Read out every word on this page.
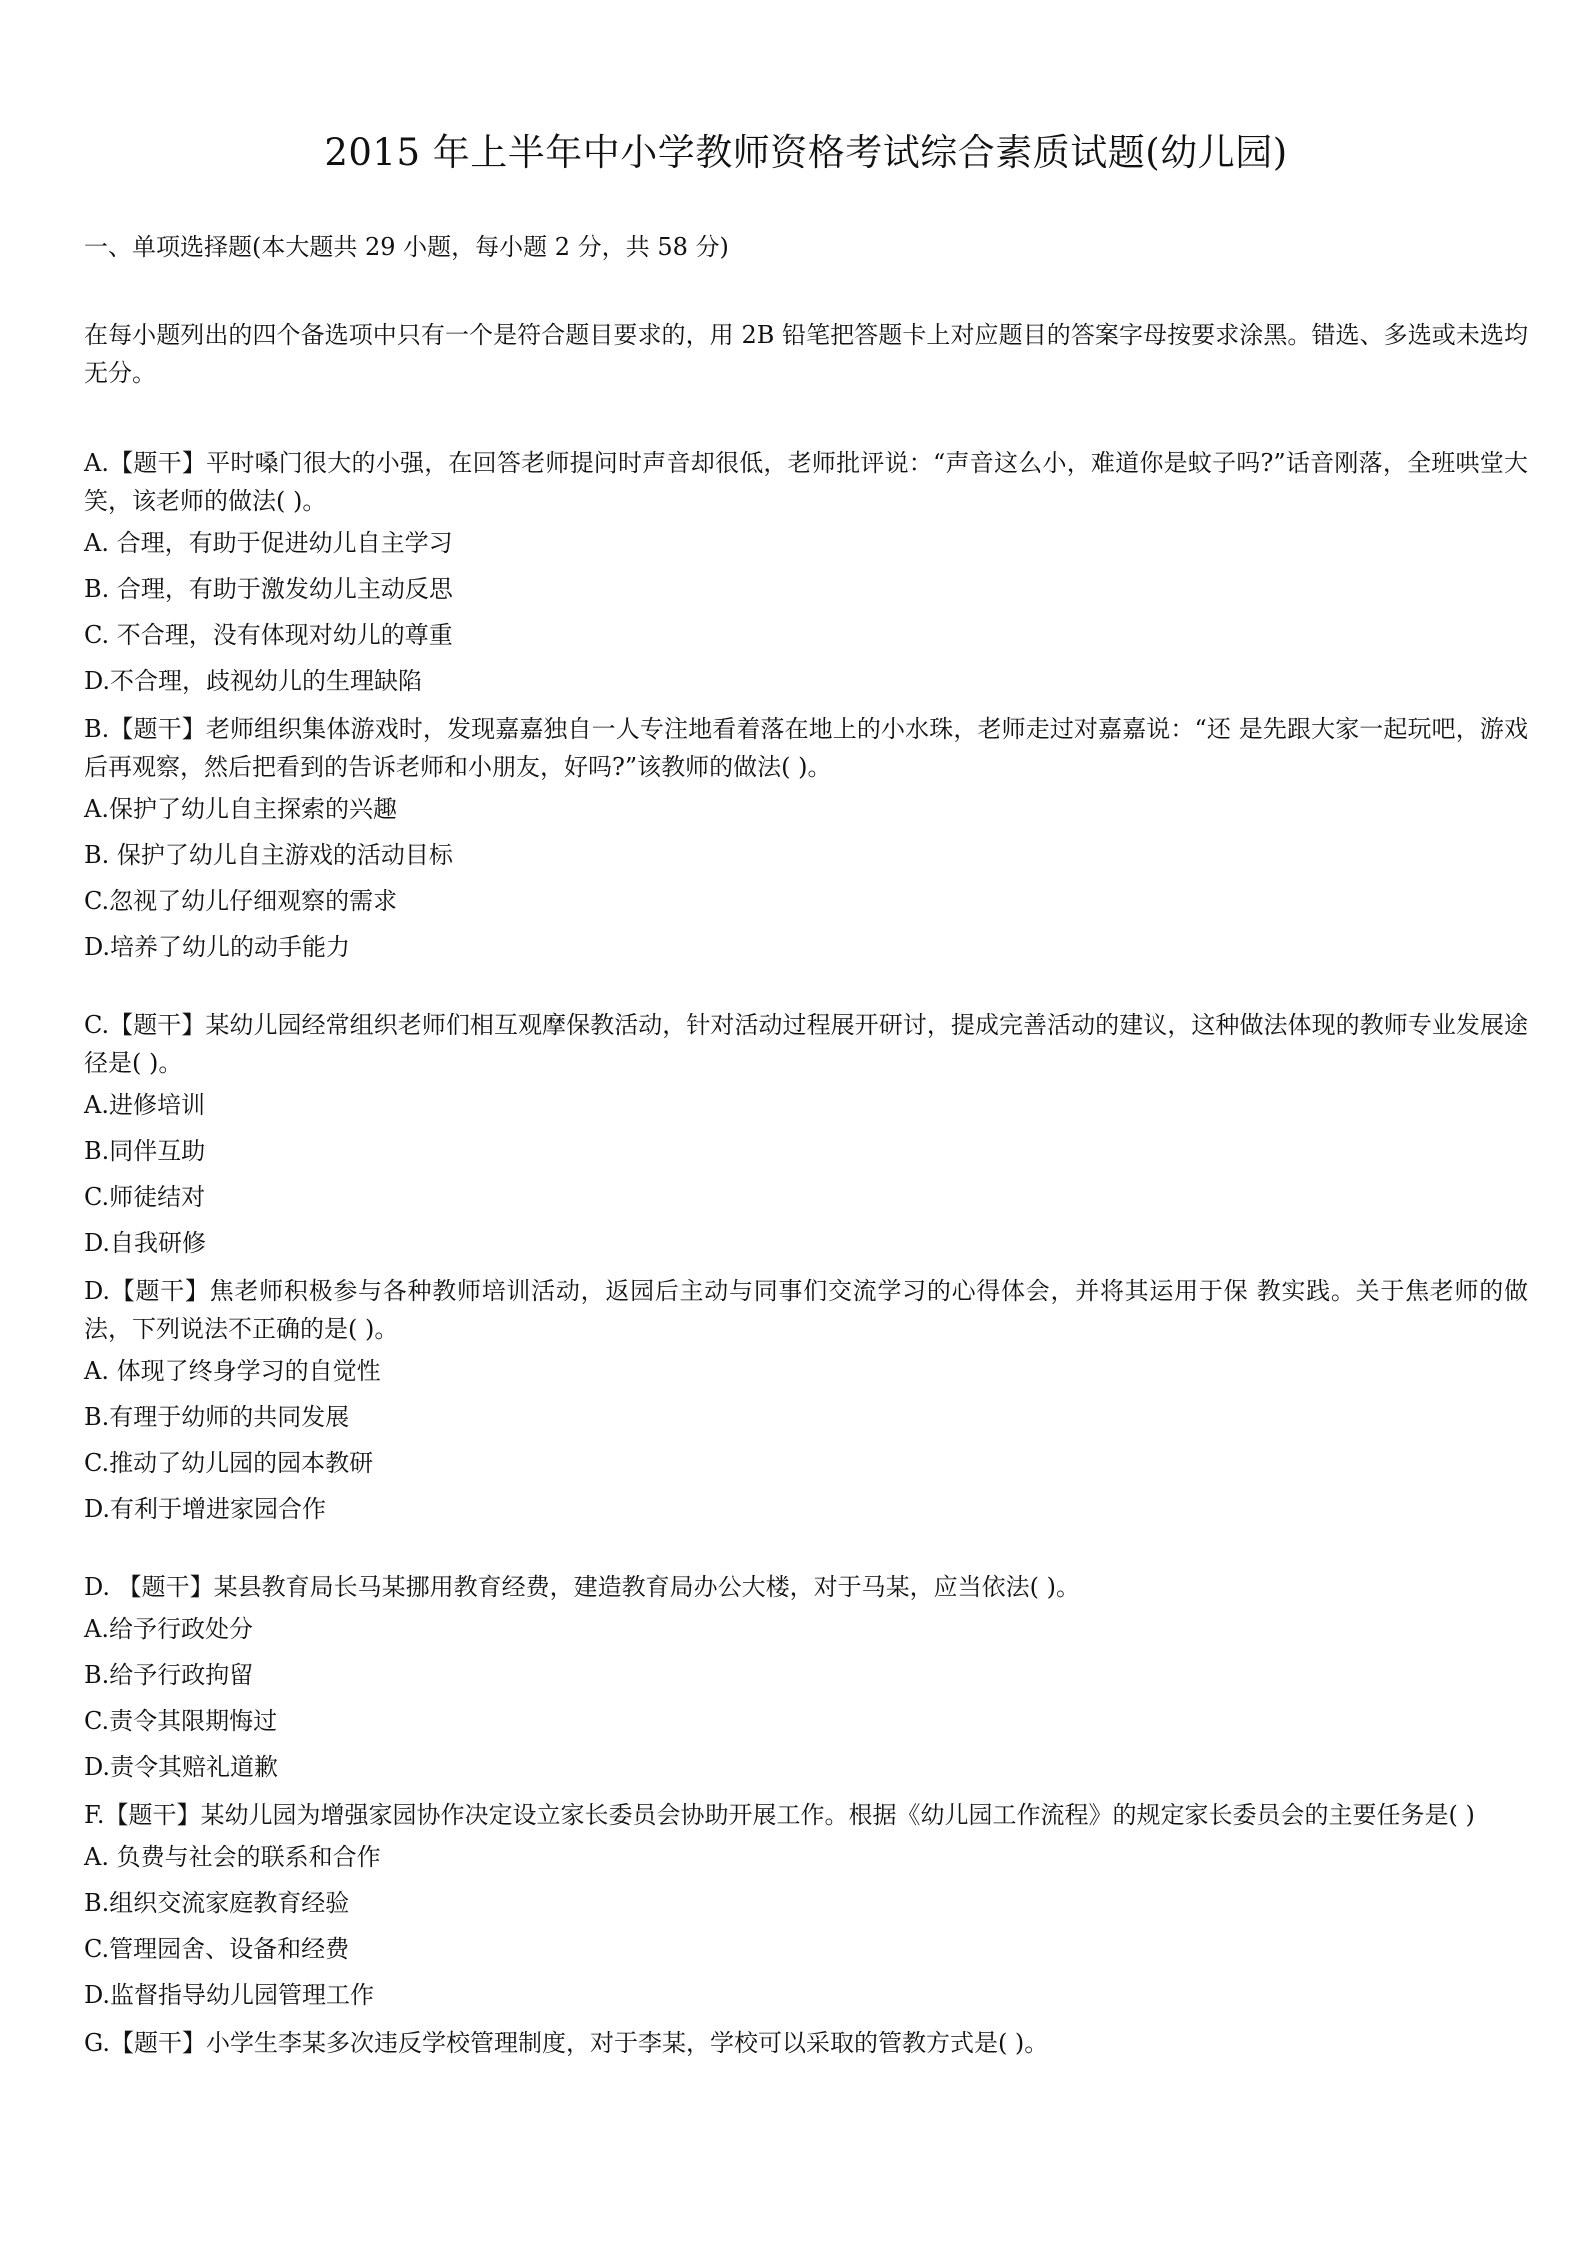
2015 年上半年中小学教师资格考试综合素质试题(幼儿园)
一、单项选择题(本大题共 29 小题，每小题 2 分，共 58 分)
在每小题列出的四个备选项中只有一个是符合题目要求的，用 2B 铅笔把答题卡上对应题目的答案字母按要求涂黑。错选、多选或未选均无分。
A.【题干】平时嗓门很大的小强，在回答老师提问时声音却很低，老师批评说：“声音这么小，难道你是蚊子吗?”话音刚落，全班哄堂大笑，该老师的做法( )。
A. 合理，有助于促进幼儿自主学习
B. 合理，有助于激发幼儿主动反思
C. 不合理，没有体现对幼儿的尊重
D.不合理，歧视幼儿的生理缺陷
B.【题干】老师组织集体游戏时，发现嘉嘉独自一人专注地看着落在地上的小水珠，老师走过对嘉嘉说：“还 是先跟大家一起玩吧，游戏后再观察，然后把看到的告诉老师和小朋友，好吗?”该教师的做法( )。
A.保护了幼儿自主探索的兴趣
B. 保护了幼儿自主游戏的活动目标
C.忽视了幼儿仔细观察的需求
D.培养了幼儿的动手能力
C.【题干】某幼儿园经常组织老师们相互观摩保教活动，针对活动过程展开研讨，提成完善活动的建议，这种做法体现的教师专业发展途径是( )。
A.进修培训
B.同伴互助
C.师徒结对
D.自我研修
D.【题干】焦老师积极参与各种教师培训活动，返园后主动与同事们交流学习的心得体会，并将其运用于保 教实践。关于焦老师的做法，下列说法不正确的是( )。
A. 体现了终身学习的自觉性
B.有理于幼师的共同发展
C.推动了幼儿园的园本教研
D.有利于增进家园合作
D. 【题干】某县教育局长马某挪用教育经费，建造教育局办公大楼，对于马某，应当依法( )。
A.给予行政处分
B.给予行政拘留
C.责令其限期悔过
D.责令其赔礼道歉
F.【题干】某幼儿园为增强家园协作决定设立家长委员会协助开展工作。根据《幼儿园工作流程》的规定家长委员会的主要任务是( )
A. 负费与社会的联系和合作
B.组织交流家庭教育经验
C.管理园舍、设备和经费
D.监督指导幼儿园管理工作
G.【题干】小学生李某多次违反学校管理制度，对于李某，学校可以采取的管教方式是( )。
